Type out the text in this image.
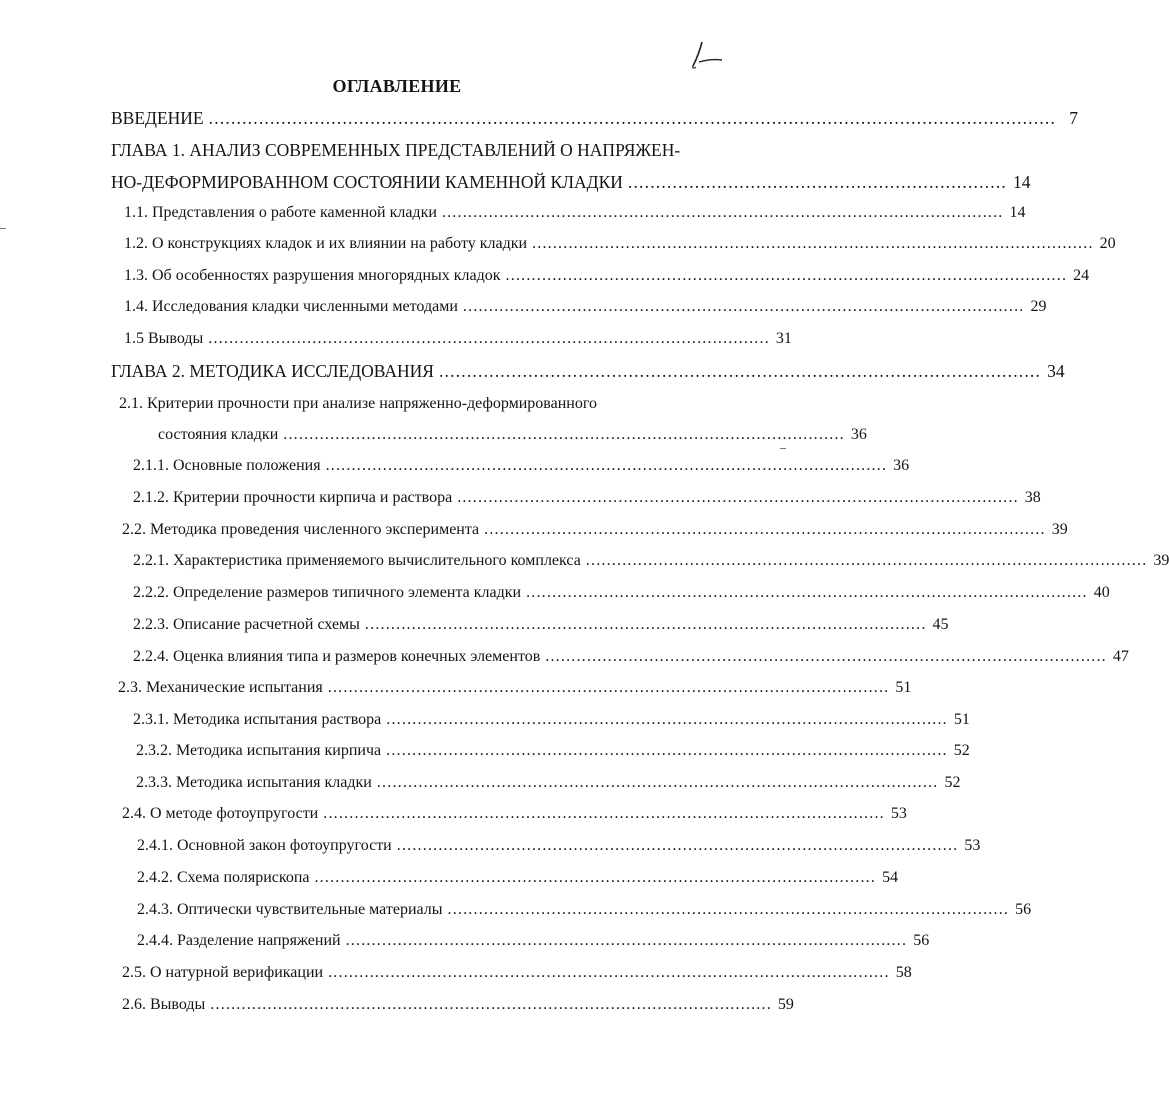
ОГЛАВЛЕНИЕ
ВВЕДЕНИЕ ........................................................................................................................................................ 7
ГЛАВА 1. АНАЛИЗ СОВРЕМЕННЫХ ПРЕДСТАВЛЕНИЙ О НАПРЯЖЕН-
НО-ДЕФОРМИРОВАННОМ СОСТОЯНИИ КАМЕННОЙ КЛАДКИ .................................................................... 14
1.1. Представления о работе каменной кладки ............................................................................................................ 14
1.2. О конструкциях кладок и их влиянии на работу кладки ............................................................................................................ 20
1.3. Об особенностях разрушения многорядных кладок ............................................................................................................ 24
1.4. Исследования кладки численными методами ............................................................................................................ 29
1.5 Выводы ............................................................................................................ 31
ГЛАВА 2. МЕТОДИКА ИССЛЕДОВАНИЯ ............................................................................................................ 34
2.1. Критерии прочности при анализе напряженно-деформированного
состояния кладки ............................................................................................................ 36
2.1.1. Основные положения ............................................................................................................ 36
2.1.2. Критерии прочности кирпича и раствора ............................................................................................................ 38
2.2. Методика проведения численного эксперимента ............................................................................................................ 39
2.2.1. Характеристика применяемого вычислительного комплекса ............................................................................................................ 39
2.2.2. Определение размеров типичного элемента кладки ............................................................................................................ 40
2.2.3. Описание расчетной схемы ............................................................................................................ 45
2.2.4. Оценка влияния типа и размеров конечных элементов ............................................................................................................ 47
2.3. Механические испытания ............................................................................................................ 51
2.3.1. Методика испытания раствора ............................................................................................................ 51
2.3.2. Методика испытания кирпича ............................................................................................................ 52
2.3.3. Методика испытания кладки ............................................................................................................ 52
2.4. О методе фотоупругости ............................................................................................................ 53
2.4.1. Основной закон фотоупругости ............................................................................................................ 53
2.4.2. Схема полярископа ............................................................................................................ 54
2.4.3. Оптически чувствительные материалы ............................................................................................................ 56
2.4.4. Разделение напряжений ............................................................................................................ 56
2.5. О натурной верификации ............................................................................................................ 58
2.6. Выводы ............................................................................................................ 59
